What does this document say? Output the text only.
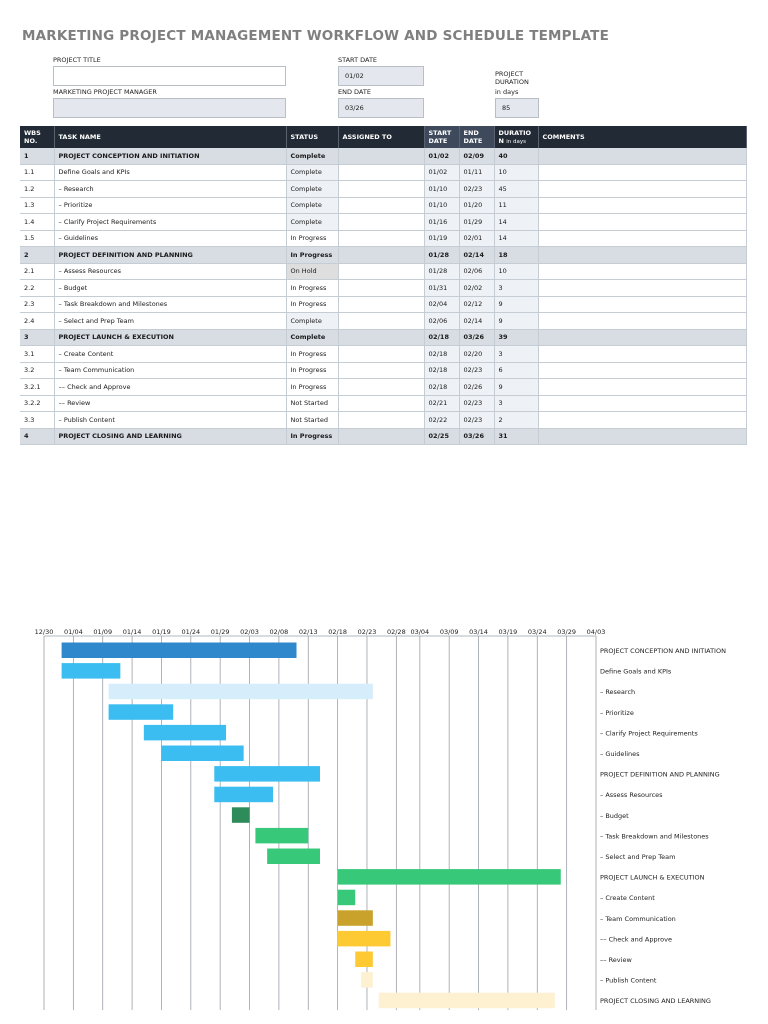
MARKETING PROJECT MANAGEMENT WORKFLOW AND SCHEDULE TEMPLATE
PROJECT TITLE
MARKETING PROJECT MANAGER
START DATE
01/02
END DATE
03/26
PROJECT DURATION
in days
85
WBS NO.	TASK NAME	STATUS	ASSIGNED TO	START DATE	END DATE	DURATIO N in days	COMMENTS
1	PROJECT CONCEPTION AND INITIATION	Complete		01/02	02/09	40	
1.1	Define Goals and KPIs	Complete		01/02	01/11	10	
1.2	– Research	Complete		01/10	02/23	45	
1.3	– Prioritize	Complete		01/10	01/20	11	
1.4	– Clarify Project Requirements	Complete		01/16	01/29	14	
1.5	– Guidelines	In Progress		01/19	02/01	14	
2	PROJECT DEFINITION AND PLANNING	In Progress		01/28	02/14	18	
2.1	– Assess Resources	On Hold		01/28	02/06	10	
2.2	– Budget	In Progress		01/31	02/02	3	
2.3	– Task Breakdown and Milestones	In Progress		02/04	02/12	9	
2.4	– Select and Prep Team	Complete		02/06	02/14	9	
3	PROJECT LAUNCH & EXECUTION	Complete		02/18	03/26	39	
3.1	– Create Content	In Progress		02/18	02/20	3	
3.2	– Team Communication	In Progress		02/18	02/23	6	
3.2.1	–– Check and Approve	In Progress		02/18	02/26	9	
3.2.2	–– Review	Not Started		02/21	02/23	3	
3.3	– Publish Content	Not Started		02/22	02/23	2	
4	PROJECT CLOSING AND LEARNING	In Progress		02/25	03/26	31	
12/30 01/04 01/09 01/14 01/19 01/24 01/29 02/03 02/08 02/13 02/18 02/23 02/28 03/04 03/09 03/14 03/19 03/24 03/29 04/03
PROJECT CONCEPTION AND INITIATION
Define Goals and KPIs
– Research
– Prioritize
– Clarify Project Requirements
– Guidelines
PROJECT DEFINITION AND PLANNING
– Assess Resources
– Budget
– Task Breakdown and Milestones
– Select and Prep Team
PROJECT LAUNCH & EXECUTION
– Create Content
– Team Communication
–– Check and Approve
–– Review
– Publish Content
PROJECT CLOSING AND LEARNING
